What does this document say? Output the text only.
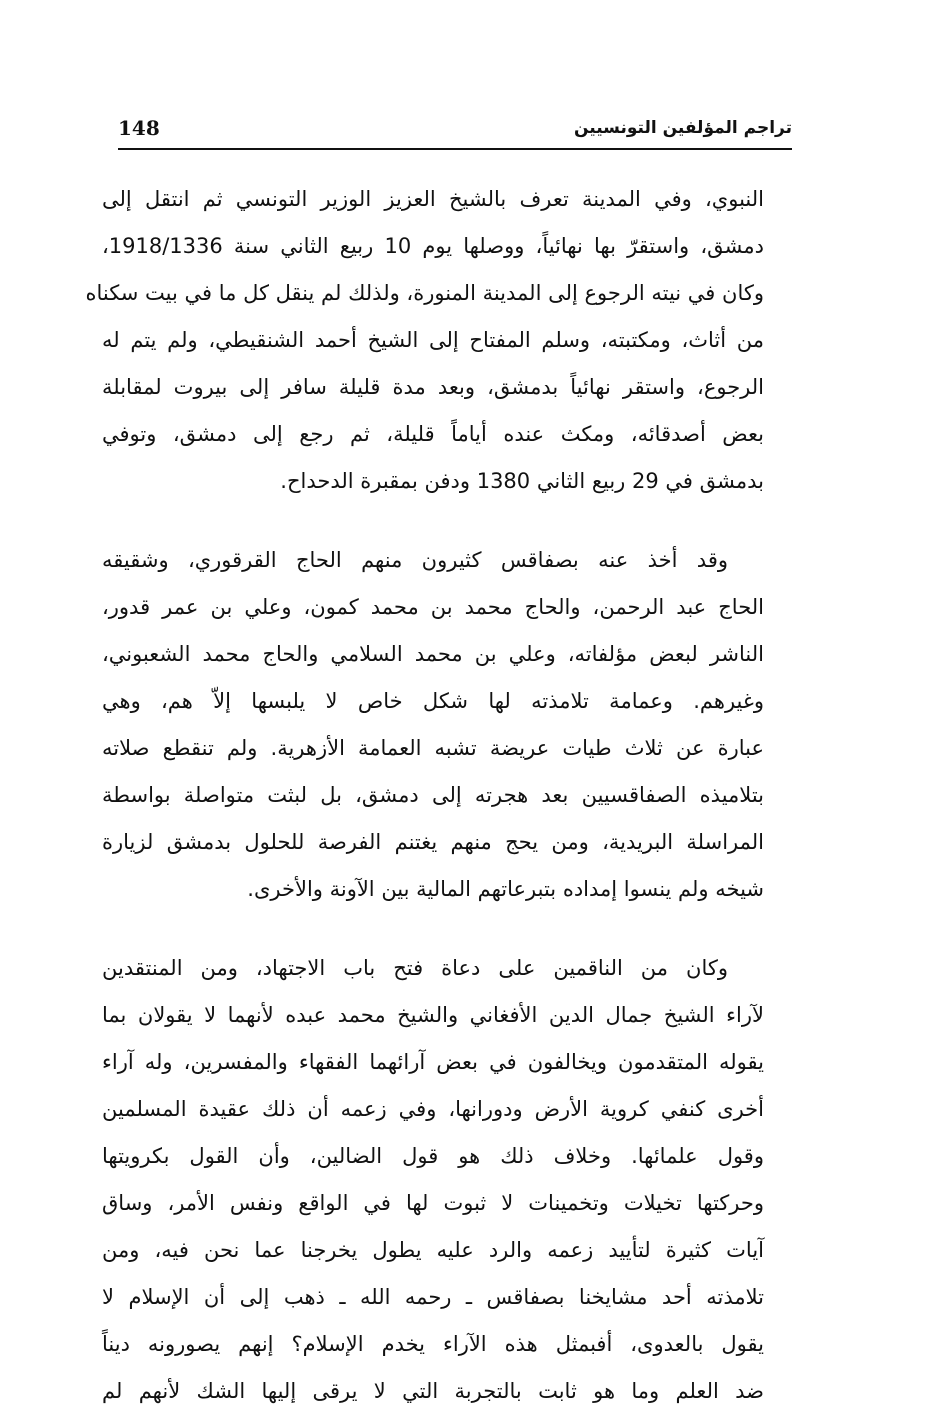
148	تراجم المؤلفين التونسيين

النبوي، وفي المدينة تعرف بالشيخ العزيز الوزير التونسي ثم انتقل إلى
دمشق، واستقرّ بها نهائياً، ووصلها يوم 10 ربيع الثاني سنة 1918/1336،
وكان في نيته الرجوع إلى المدينة المنورة، ولذلك لم ينقل كل ما في بيت سكناه
من أثاث، ومكتبته، وسلم المفتاح إلى الشيخ أحمد الشنقيطي، ولم يتم له
الرجوع، واستقر نهائياً بدمشق، وبعد مدة قليلة سافر إلى بيروت لمقابلة
بعض أصدقائه، ومكث عنده أياماً قليلة، ثم رجع إلى دمشق، وتوفي
بدمشق في 29 ربيع الثاني 1380 ودفن بمقبرة الدحداح.

وقد أخذ عنه بصفاقس كثيرون منهم الحاج القرقوري، وشقيقه
الحاج عبد الرحمن، والحاج محمد بن محمد كمون، وعلي بن عمر قدور،
الناشر لبعض مؤلفاته، وعلي بن محمد السلامي والحاج محمد الشعبوني،
وغيرهم. وعمامة تلامذته لها شكل خاص لا يلبسها إلاّ هم، وهي
عبارة عن ثلاث طيات عريضة تشبه العمامة الأزهرية. ولم تنقطع صلاته
بتلاميذه الصفاقسيين بعد هجرته إلى دمشق، بل لبثت متواصلة بواسطة
المراسلة البريدية، ومن يحج منهم يغتنم الفرصة للحلول بدمشق لزيارة
شيخه ولم ينسوا إمداده بتبرعاتهم المالية بين الآونة والأخرى.

وكان من الناقمين على دعاة فتح باب الاجتهاد، ومن المنتقدين
لآراء الشيخ جمال الدين الأفغاني والشيخ محمد عبده لأنهما لا يقولان بما
يقوله المتقدمون ويخالفون في بعض آرائهما الفقهاء والمفسرين، وله آراء
أخرى كنفي كروية الأرض ودورانها، وفي زعمه أن ذلك عقيدة المسلمين
وقول علمائها. وخلاف ذلك هو قول الضالين، وأن القول بكرويتها
وحركتها تخيلات وتخمينات لا ثبوت لها في الواقع ونفس الأمر، وساق
آيات كثيرة لتأييد زعمه والرد عليه يطول يخرجنا عما نحن فيه، ومن
تلامذته أحد مشايخنا بصفاقس ـ رحمه الله ـ ذهب إلى أن الإسلام لا
يقول بالعدوى، أفبمثل هذه الآراء يخدم الإسلام؟ إنهم يصورونه ديناً
ضد العلم وما هو ثابت بالتجربة التي لا يرقى إليها الشك لأنهم لم
